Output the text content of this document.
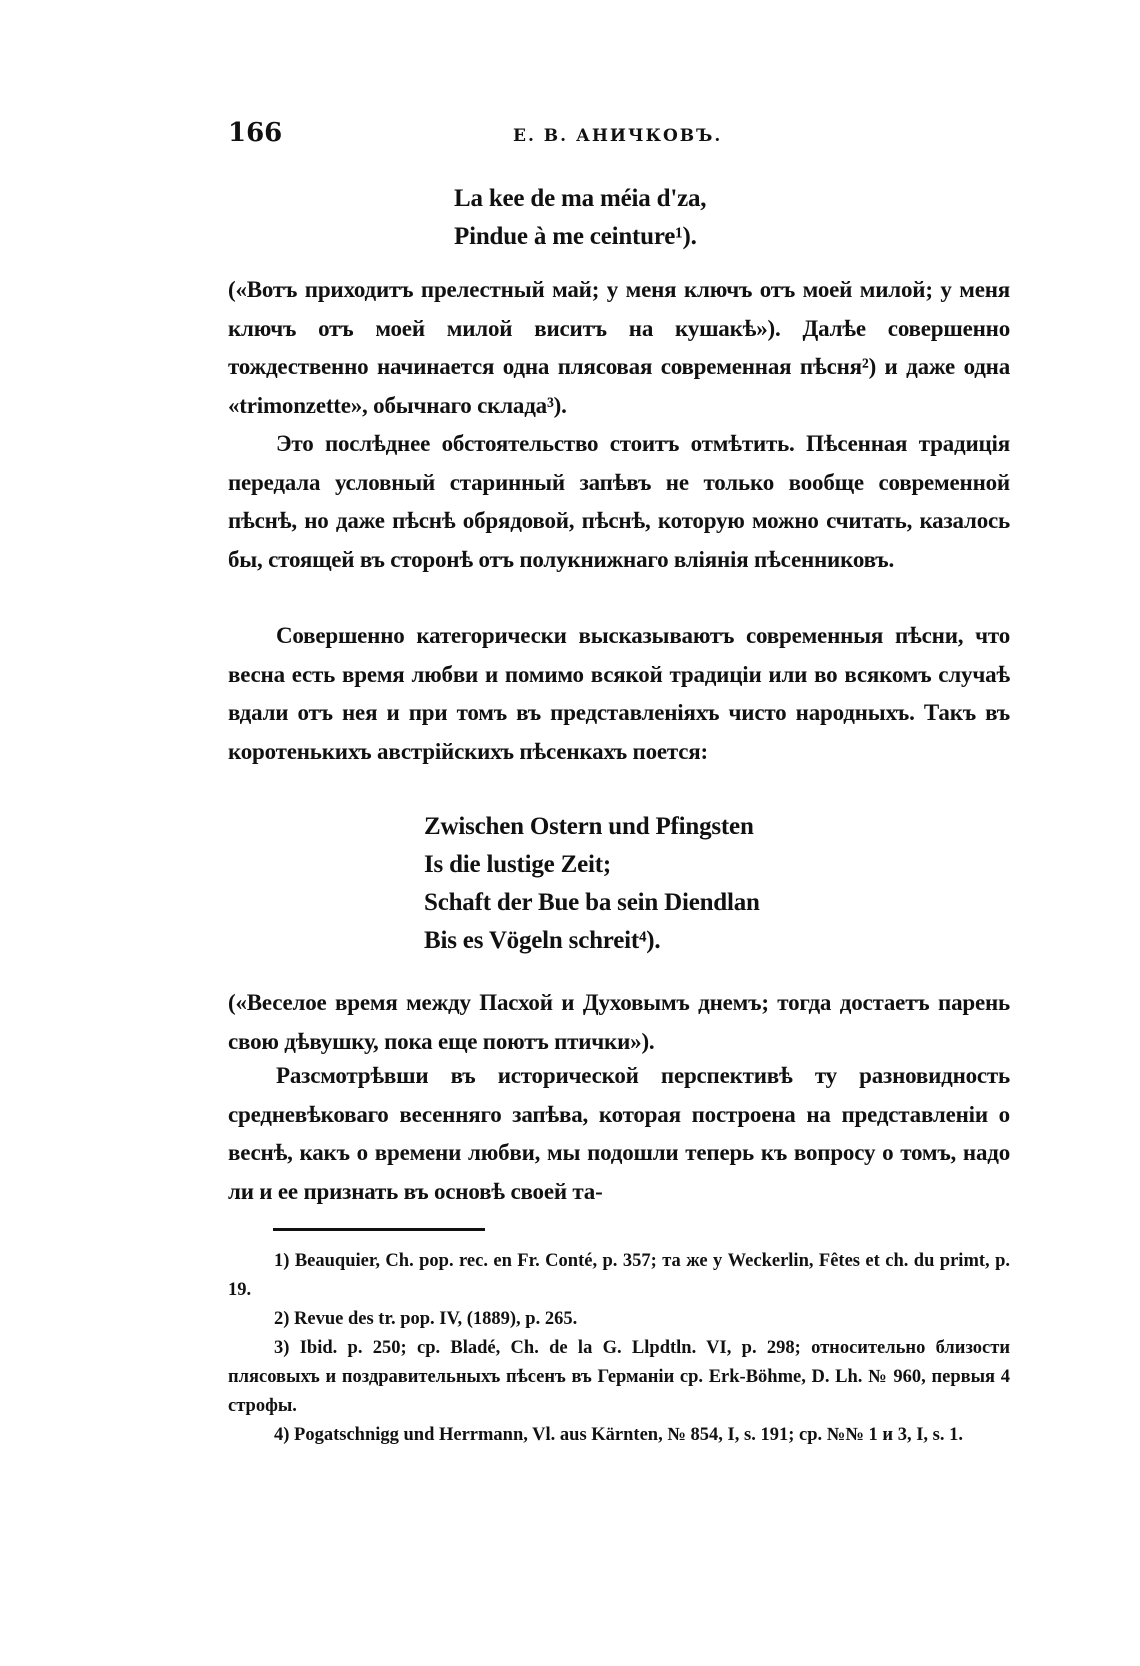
166	Е. В. АНИЧКОВЪ.
La kee de ma méia d'za,
Pindue à me ceinture¹).

(«Вотъ приходитъ прелестный май; у меня ключъ отъ моей милой; у меня ключъ отъ моей милой виситъ на кушакѣ»). Далѣе совершенно тождественно начинается одна плясовая современная пѣсня²) и даже одна «trimonzette», обычнаго склада³).

Это послѣднее обстоятельство стоитъ отмѣтить. Пѣсенная традиція передала условный старинный запѣвъ не только вообще современной пѣснѣ, но даже пѣснѣ обрядовой, пѣснѣ, которую можно считать, казалось бы, стоящей въ сторонѣ отъ полукнижнаго вліянія пѣсенниковъ.

Совершенно категорически высказываютъ современныя пѣсни, что весна есть время любви и помимо всякой традиціи или во всякомъ случаѣ вдали отъ нея и при томъ въ представленіяхъ чисто народныхъ. Такъ въ коротенькихъ австрійскихъ пѣсенкахъ поется:

Zwischen Ostern und Pfingsten
Is die lustige Zeit;
Schaft der Bue ba sein Diendlan
Bis es Vögeln schreit⁴).

(«Веселое время между Пасхой и Духовымъ днемъ; тогда достаетъ парень свою дѣвушку, пока еще поютъ птички»).

Разсмотрѣвши въ исторической перспективѣ ту разновидность средневѣковаго весенняго запѣва, которая построена на представленіи о веснѣ, какъ о времени любви, мы подошли теперь къ вопросу о томъ, надо ли и ее признать въ основѣ своей та-

1) Beauquier, Ch. pop. rec. en Fr. Conté, p. 357; та же у Weckerlin, Fêtes et ch. du primt, p. 19.

2) Revue des tr. pop. IV, (1889), p. 265.

3) Ibid. p. 250; cp. Bladé, Ch. de la G. Llpdtln. VI, p. 298; относительно близости плясовыхъ и поздравительныхъ пѣсенъ въ Германіи ср. Erk-Böhme, D. Lh. № 960, первыя 4 строфы.

4) Pogatschnigg und Herrmann, Vl. aus Kärnten, № 854, I, s. 191; ср. №№ 1 и 3, I, s. 1.
